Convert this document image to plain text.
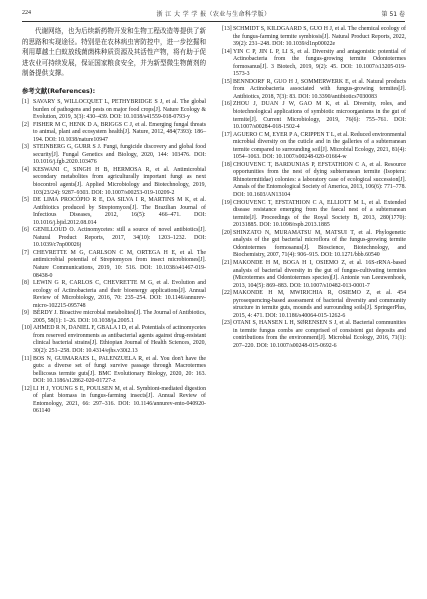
224	浙 江 大 学 学 报（农业与生命科学版）	第 51 卷

代谢网络，也为后续新药物开发和生物工程改造等提供了新的思路和实现途径。特别是在农林病虫害防控中，进一步挖掘和利用蕈越土白蚁放线菌菌株种质资源及其活性产物，将有助于促进农业可持续发展，保证国家粮食安全，并为新型微生物菌剂的制备提供支撑。

参考文献(References):
[1] SAVARY S, WILLOCQUET L, PETHYBRIDGE S J, et al. The global burden of pathogens and pests on major food crops[J]. Nature Ecology & Evolution, 2019, 3(3): 430–439. DOI: 10.1038/s41559-018-0793-y
[2] FISHER M C, HENK D A, BRIGGS C J, et al. Emerging fungal threats to animal, plant and ecosystem health[J]. Nature, 2012, 484(7393): 186–194. DOI: 10.1038/nature10947
[3] STEINBERG G, GURR S J. Fungi, fungicide discovery and global food security[J]. Fungal Genetics and Biology, 2020, 144: 103476. DOI: 10.1016/j.fgb.2020.103476
[4] KESWANI C, SINGH H B, HERMOSA R, et al. Antimicrobial secondary metabolites from agriculturally important fungi as next biocontrol agents[J]. Applied Microbiology and Biotechnology, 2019, 103(23/24): 9287–9303. DOI: 10.1007/s00253-019-10209-2
[5] DE LIMA PROCÓPIO R E, DA SILVA I R, MARTINS M K, et al. Antibiotics produced by Streptomyces[J]. The Brazilian Journal of Infectious Diseases, 2012, 16(5): 466–471. DOI: 10.1016/j.bjid.2012.08.014
[6] GENILLOUD O. Actinomycetes: still a source of novel antibiotics[J]. Natural Product Reports, 2017, 34(10): 1203–1232. DOI: 10.1039/c7np00026j
[7] CHEVRETTE M G, CARLSON C M, ORTEGA H E, et al. The antimicrobial potential of Streptomyces from insect microbiomes[J]. Nature Communications, 2019, 10: 516. DOI: 10.1038/s41467-019-08438-0
[8] LEWIN G R, CARLOS C, CHEVRETTE M G, et al. Evolution and ecology of Actinobacteria and their bioenergy applications[J]. Annual Review of Microbiology, 2016, 70: 235–254. DOI: 10.1146/annurev-micro-102215-095748
[9] BÉRDY J. Bioactive microbial metabolites[J]. The Journal of Antibiotics, 2005, 58(1): 1–26. DOI: 10.1038/ja.2005.1
[10] AHMED R N, DANIEL F, GBALA I D, et al. Potentials of actinomycetes from reserved environments as antibacterial agents against drug-resistant clinical bacterial strains[J]. Ethiopian Journal of Health Sciences, 2020, 30(2): 251–258. DOI: 10.4314/ejhs.v30i2.13
[11] BOS N, GUIMARAES L, PALENZUELA R, et al. You don't have the guts: a diverse set of fungi survive passage through Macrotermes bellicosus termite guts[J]. BMC Evolutionary Biology, 2020, 20: 163. DOI: 10.1186/s12862-020-01727-z
[12] LI H J, YOUNG S E, POULSEN M, et al. Symbiont-mediated digestion of plant biomass in fungus-farming insects[J]. Annual Review of Entomology, 2021, 66: 297–316. DOI: 10.1146/annurev-ento-040920-061140
[13] SCHMIDT S, KILDGAARD S, GUO H J, et al. The chemical ecology of the fungus-farming termite symbiosis[J]. Natural Product Reports, 2022, 39(2): 231–248. DOI: 10.1039/d1np00022e
[14] YIN C P, JIN L P, LI S, et al. Diversity and antagonistic potential of Actinobacteria from the fungus-growing termite Odontotermes formosanus[J]. 3 Biotech, 2019, 9(2): 45. DOI: 10.1007/s13205-019-1573-3
[15] BENNDORF R, GUO H J, SOMMERWERK E, et al. Natural products from Actinobacteria associated with fungus-growing termites[J]. Antibiotics, 2018, 7(3): 83. DOI: 10.3390/antibiotics7030083
[16] ZHOU J, DUAN J W, GAO M K, et al. Diversity, roles, and biotechnological applications of symbiotic microorganisms in the gut of termite[J]. Current Microbiology, 2019, 76(6): 755–761. DOI: 10.1007/s00284-018-1502-4
[17] AGUERO C M, EYER P A, CRIPPEN T L, et al. Reduced environmental microbial diversity on the cuticle and in the galleries of a subterranean termite compared to surrounding soil[J]. Microbial Ecology, 2021, 81(4): 1054–1063. DOI: 10.1007/s00248-020-01664-w
[18] CHOUVENC T, BARDUNIAS P, EFSTATHION C A, et al. Resource opportunities from the nest of dying subterranean termite (Isoptera: Rhinotermitidae) colonies: a laboratory case of ecological succession[J]. Annals of the Entomological Society of America, 2013, 106(6): 771–778. DOI: 10.1603/AN13104
[19] CHOUVENC T, EFSTATHION C A, ELLIOTT M L, et al. Extended disease resistance emerging from the faecal nest of a subterranean termite[J]. Proceedings of the Royal Society B, 2013, 280(1770): 20131885. DOI: 10.1098/rspb.2013.1885
[20] SHINZATO N, MURAMATSU M, MATSUI T, et al. Phylogenetic analysis of the gut bacterial microflora of the fungus-growing termite Odontotermes formosanus[J]. Bioscience, Biotechnology, and Biochemistry, 2007, 71(4): 906–915. DOI: 10.1271/bbb.60540
[21] MAKONDE H M, BOGA H I, OSIEMO Z, et al. 16S-rRNA-based analysis of bacterial diversity in the gut of fungus-cultivating termites (Microtermes and Odontotermes species)[J]. Antonie van Leeuwenhoek, 2013, 104(5): 869–883. DOI: 10.1007/s10482-013-0001-7
[22] MAKONDE H M, MWIRICHIA R, OSIEMO Z, et al. 454 pyrosequencing-based assessment of bacterial diversity and community structure in termite guts, mounds and surrounding soils[J]. SpringerPlus, 2015, 4: 471. DOI: 10.1186/s40064-015-1262-6
[23] OTANI S, HANSEN L H, SØRENSEN S J, et al. Bacterial communities in termite fungus combs are comprised of consistent gut deposits and contributions from the environment[J]. Microbial Ecology, 2016, 71(1): 207–220. DOI: 10.1007/s00248-015-0692-6
